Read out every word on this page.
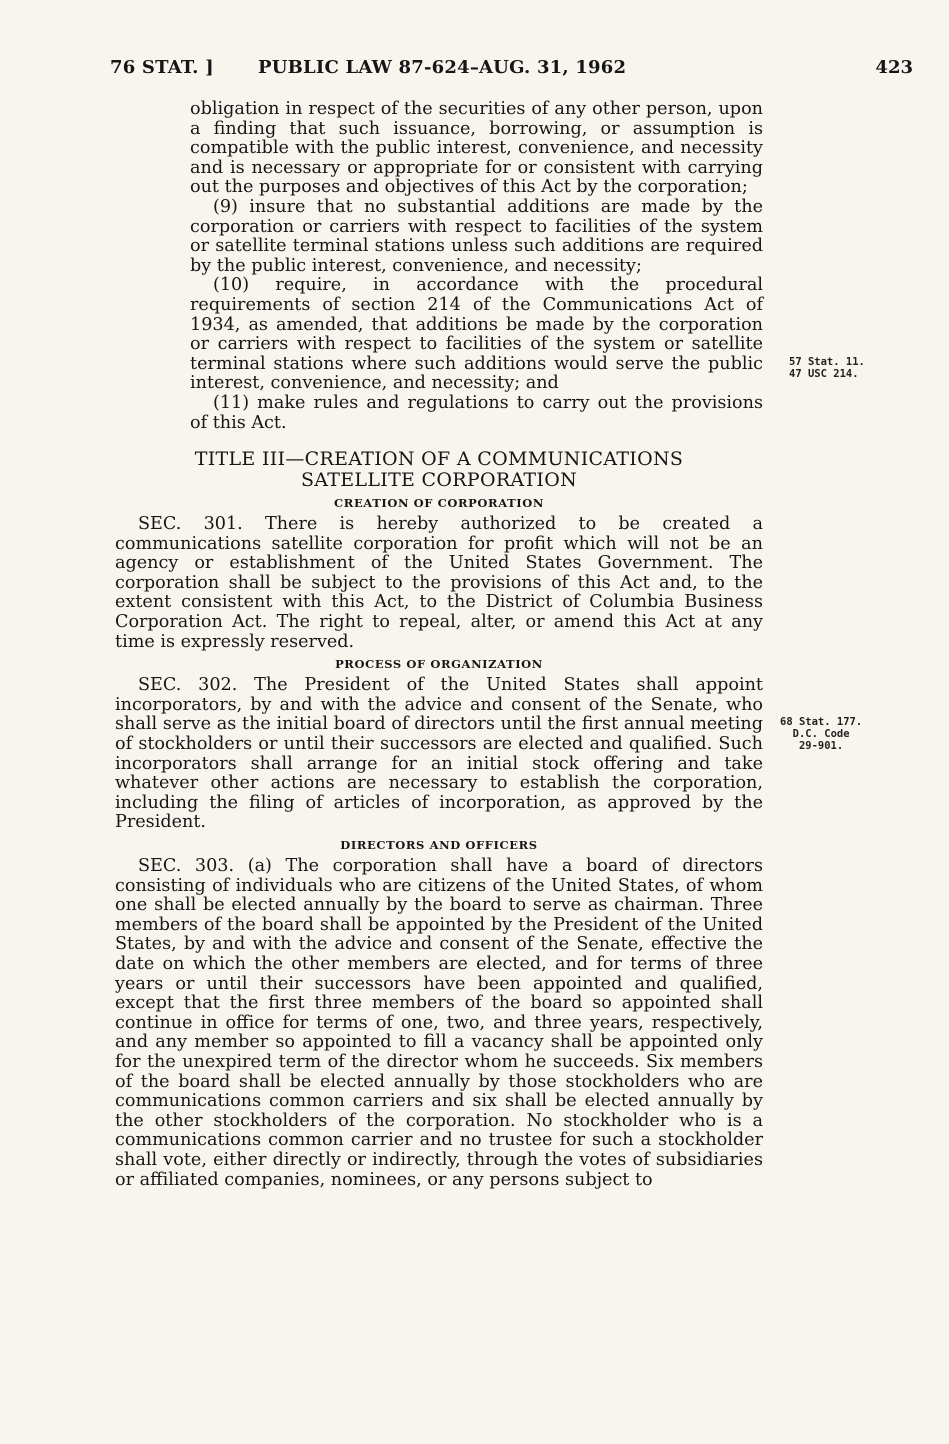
76 STAT. ] PUBLIC LAW 87-624–AUG. 31, 1962	423

obligation in respect of the securities of any other person, upon a finding that such issuance, borrowing, or assumption is compatible with the public interest, convenience, and necessity and is necessary or appropriate for or consistent with carrying out the purposes and objectives of this Act by the corporation;

(9) insure that no substantial additions are made by the corporation or carriers with respect to facilities of the system or satellite terminal stations unless such additions are required by the public interest, convenience, and necessity;

(10) require, in accordance with the procedural requirements of section 214 of the Communications Act of 1934, as amended, that additions be made by the corporation or carriers with respect to facilities of the system or satellite terminal stations where such additions would serve the public interest, convenience, and necessity; and

(11) make rules and regulations to carry out the provisions of this Act.

TITLE III—CREATION OF A COMMUNICATIONS
SATELLITE CORPORATION
CREATION OF CORPORATION

SEC. 301. There is hereby authorized to be created a communications satellite corporation for profit which will not be an agency or establishment of the United States Government. The corporation shall be subject to the provisions of this Act and, to the extent consistent with this Act, to the District of Columbia Business Corporation Act. The right to repeal, alter, or amend this Act at any time is expressly reserved.

PROCESS OF ORGANIZATION

SEC. 302. The President of the United States shall appoint incorporators, by and with the advice and consent of the Senate, who shall serve as the initial board of directors until the first annual meeting of stockholders or until their successors are elected and qualified. Such incorporators shall arrange for an initial stock offering and take whatever other actions are necessary to establish the corporation, including the filing of articles of incorporation, as approved by the President.

DIRECTORS AND OFFICERS

SEC. 303. (a) The corporation shall have a board of directors consisting of individuals who are citizens of the United States, of whom one shall be elected annually by the board to serve as chairman. Three members of the board shall be appointed by the President of the United States, by and with the advice and consent of the Senate, effective the date on which the other members are elected, and for terms of three years or until their successors have been appointed and qualified, except that the first three members of the board so appointed shall continue in office for terms of one, two, and three years, respectively, and any member so appointed to fill a vacancy shall be appointed only for the unexpired term of the director whom he succeeds. Six members of the board shall be elected annually by those stockholders who are communications common carriers and six shall be elected annually by the other stockholders of the corporation. No stockholder who is a communications common carrier and no trustee for such a stockholder shall vote, either directly or indirectly, through the votes of subsidiaries or affiliated companies, nominees, or any persons subject to

57 Stat. 11.
47 USC 214.
68 Stat. 177.
D.C. Code
29-901.
